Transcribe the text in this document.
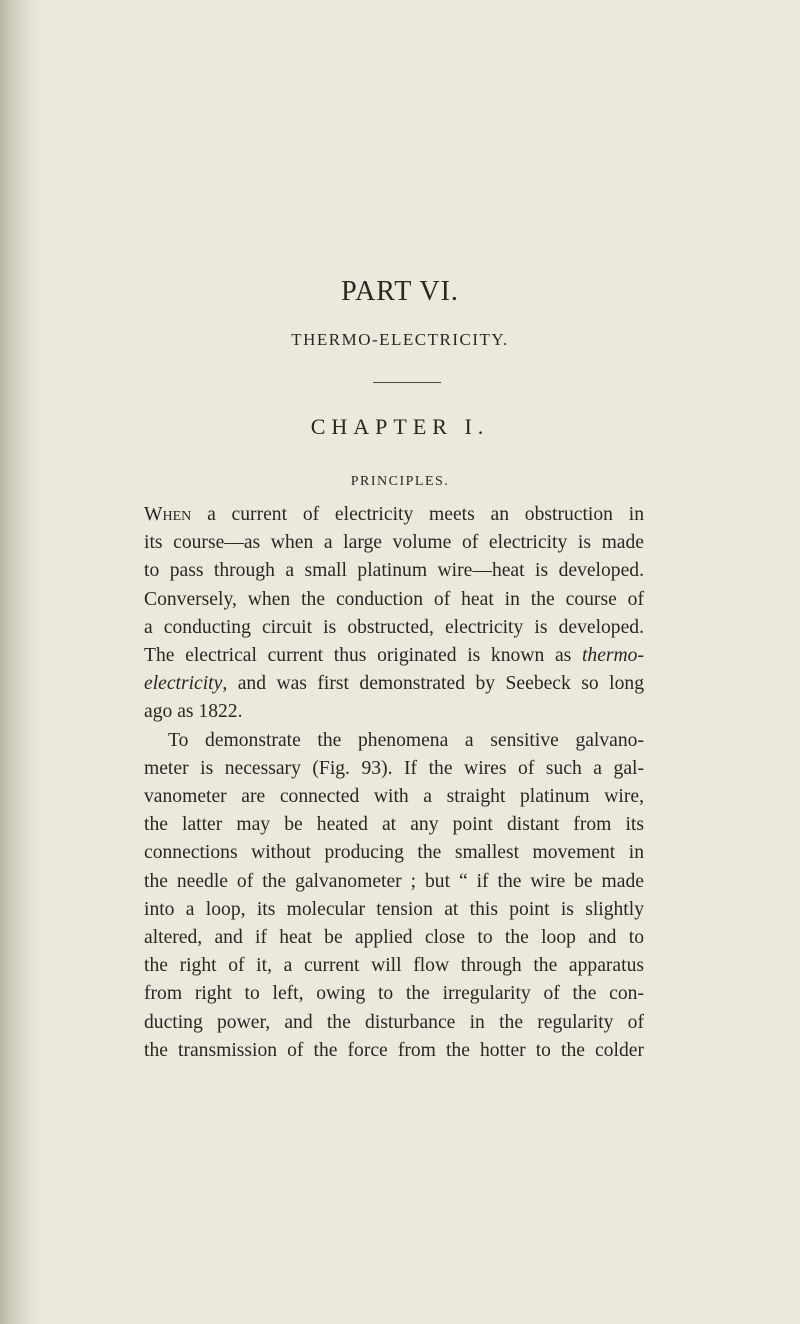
PART VI.
THERMO-ELECTRICITY.
CHAPTER I.
PRINCIPLES.
When a current of electricity meets an obstruction in
its course—as when a large volume of electricity is made
to pass through a small platinum wire—heat is developed.
Conversely, when the conduction of heat in the course of
a conducting circuit is obstructed, electricity is developed.
The electrical current thus originated is known as thermo-
electricity, and was first demonstrated by Seebeck so long
ago as 1822.
To demonstrate the phenomena a sensitive galvano-
meter is necessary (Fig. 93). If the wires of such a gal-
vanometer are connected with a straight platinum wire,
the latter may be heated at any point distant from its
connections without producing the smallest movement in
the needle of the galvanometer ; but “ if the wire be made
into a loop, its molecular tension at this point is slightly
altered, and if heat be applied close to the loop and to
the right of it, a current will flow through the apparatus
from right to left, owing to the irregularity of the con-
ducting power, and the disturbance in the regularity of
the transmission of the force from the hotter to the colder
